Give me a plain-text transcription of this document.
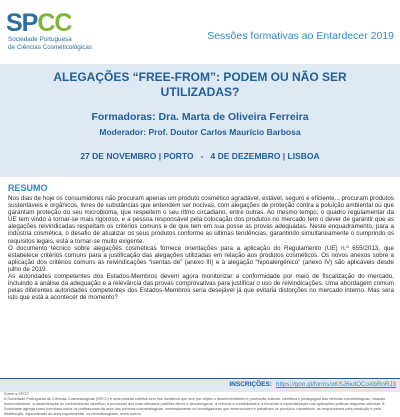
SPCC
Sociedade Portuguesa
de Ciências Cosméticológicas
Sessões formativas ao Entardecer 2019
ALEGAÇÕES “FREE-FROM”: PODEM OU NÃO SER
UTILIZADAS?
Formadoras: Dra. Marta de Oliveira Ferreira
Moderador: Prof. Doutor Carlos Maurício Barbosa
27 DE NOVEMBRO | PORTO   -   4 DE DEZEMBRO | LISBOA
RESUMO

Nos dias de hoje os consumidores não procuram apenas um produto cosmético agradável, estável, seguro e eficiente... procuram produtos sustentáveis e orgânicos, livres de substâncias que entendem ser nocivas, com alegações de proteção contra a poluição ambiental ou que garantam proteção do seu microbioma, que respeitem o seu ritmo circadiano, entre outras. Ao mesmo tempo, o quadro regulamentar da UE tem vindo a tornar-se mais rigoroso, e a pessoa responsável pela colocação dos produtos no mercado tem o dever de garantir que as alegações reivindicadas respeitam os critérios comuns e de que tem em sua posse as provas adequadas. Neste enquadramento, para a indústria cosmética, o desafio de atualizar os seus produtos conforme as últimas tendências, garantindo simultaneamente o cumprindo os requisitos legais, está a tornar-se muito exigente.

O documento técnico sobre alegações cosméticas fornece orientações para a aplicação do Regulamento (UE) n.º 655/2013, que estabelece critérios comuns para a justificação das alegações utilizadas em relação aos produtos cosméticos. Os novos anexos sobre a aplicação dos critérios comuns às reivindicações “isentas de” (anexo III) e à alegação “hipoalergénico” (anexo IV) são aplicáveis desde julho de 2019.

As autoridades competentes dos Estados-Membros devem agora monitorizar a conformidade por meio de fiscalização do mercado, incluindo a análise da adequação e a relevância das provas comprovativas para justificar o uso de reivindicações. Uma abordagem comum pelas diferentes autoridades competentes dos Estados-Membros seria desejável já que evitaria distorções no mercado interno. Mas sera isto que está a acontecer de momento?

INSCRIÇÕES: https://goo.gl/forms/xKSJ6kdOCoXbRnRJ3

Sobre a SPCC

A Sociedade Portuguesa de Ciências Cosmetológicas (SPCC) é uma pessoa coletiva sem fins lucrativos que tem por objeto o desenvolvimento e promoção cultural, científica e pedagógica das ciências cosmetológicas, visando essencialmente, a disseminação do conhecimento científico, a promoção dos mais elevados padrões éticos e deontológicos, a reforçar a credibilidade e a fomentar a especialização nas aplicações práticas daquelas ciências. A Sociedade agrega como membros todos os profissionais da área das ciências cosmetológicas, nomeadamente os investigadores que desenvolvem e trabalham os produtos cosméticos, os responsáveis pela produção e pela distribuição, especialistas da área regulamentar, os dermatologistas, entre outros.
